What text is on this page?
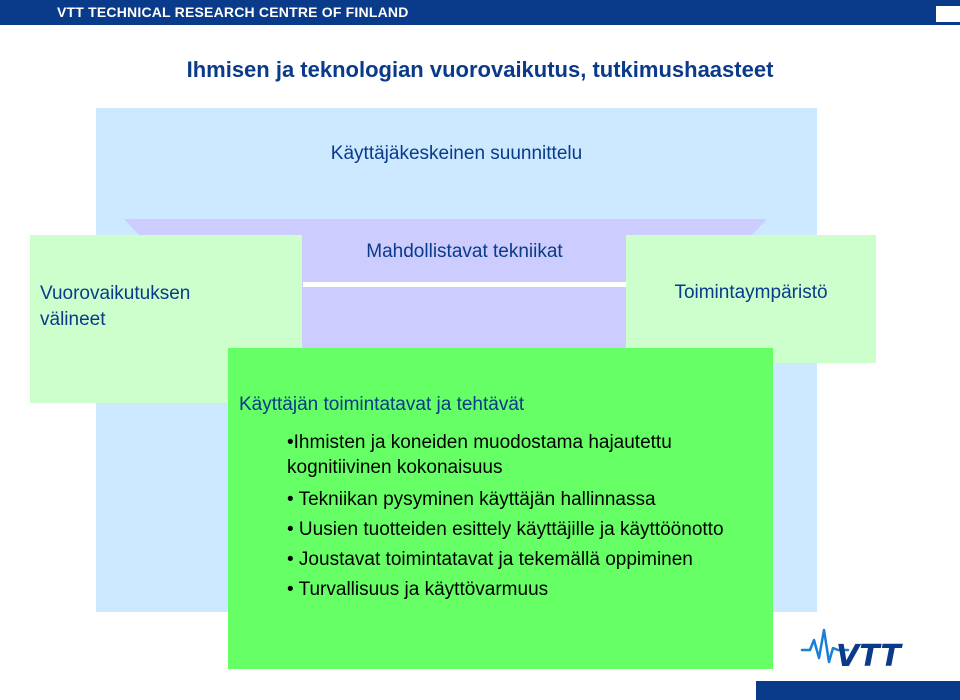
VTT TECHNICAL RESEARCH CENTRE OF FINLAND
Ihmisen ja teknologian vuorovaikutus, tutkimushaasteet
Käyttäjäkeskeinen suunnittelu
Mahdollistavat tekniikat
Vuorovaikutuksen
välineet
Toimintaympäristö
Käyttäjän toimintatavat ja tehtävät
•Ihmisten ja koneiden muodostama hajautettu kognitiivinen kokonaisuus
• Tekniikan pysyminen käyttäjän hallinnassa
• Uusien tuotteiden esittely käyttäjille ja käyttöönotto
• Joustavat toimintatavat ja tekemällä oppiminen
• Turvallisuus ja käyttövarmuus
VTT
